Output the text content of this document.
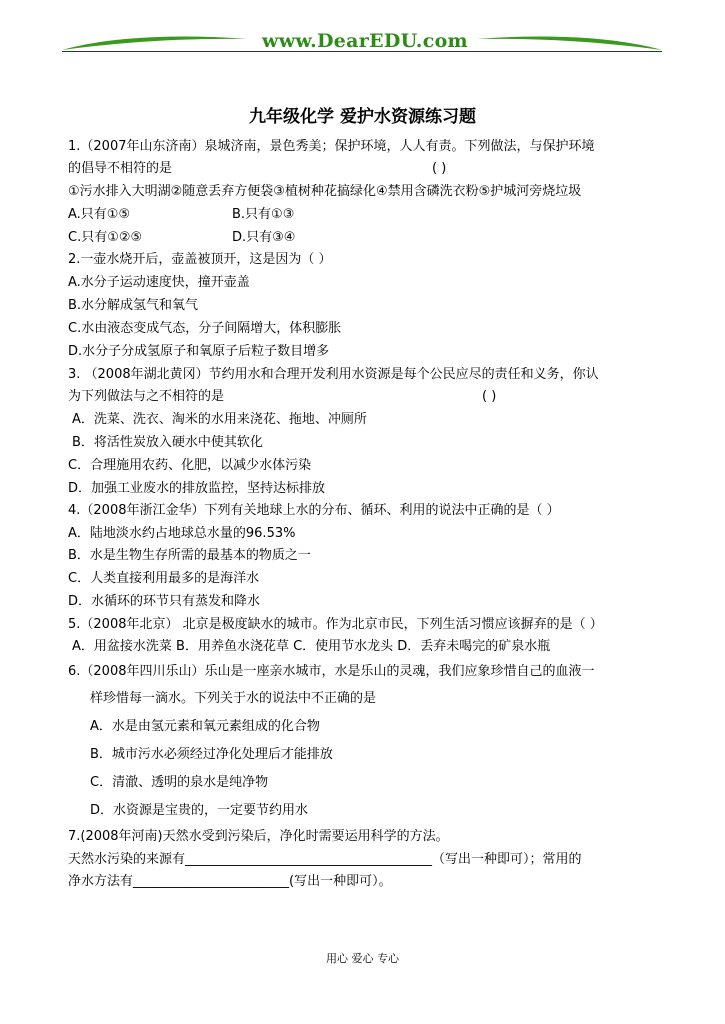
www.DearEDU.com
九年级化学 爱护水资源练习题
1.（2007年山东济南）泉城济南，景色秀美；保护环境，人人有责。下列做法，与保护环境
的倡导不相符的是	( )
①污水排入大明湖②随意丢弃方便袋③植树种花搞绿化④禁用含磷洗衣粉⑤护城河旁烧垃圾
A.只有①⑤	B.只有①③
C.只有①②⑤	D.只有③④
2.一壶水烧开后，壶盖被顶开，这是因为（ ）
A.水分子运动速度快，撞开壶盖
B.水分解成氢气和氧气
C.水由液态变成气态，分子间隔增大，体积膨胀
D.水分子分成氢原子和氧原子后粒子数目增多
3. （2008年湖北黄冈）节约用水和合理开发利用水资源是每个公民应尽的责任和义务，你认
为下列做法与之不相符的是	( )
A．洗菜、洗衣、淘米的水用来浇花、拖地、冲厕所
B．将活性炭放入硬水中使其软化
C．合理施用农药、化肥，以减少水体污染
D．加强工业废水的排放监控，坚持达标排放
4.（2008年浙江金华）下列有关地球上水的分布、循环、利用的说法中正确的是（ ）
A．陆地淡水约占地球总水量的96.53%
B．水是生物生存所需的最基本的物质之一
C．人类直接利用最多的是海洋水
D．水循环的环节只有蒸发和降水
5.（2008年北京） 北京是极度缺水的城市。作为北京市民，下列生活习惯应该摒弃的是（ ）
A．用盆接水洗菜 B．用养鱼水浇花草 C．使用节水龙头 D．丢弃未喝完的矿泉水瓶
6.（2008年四川乐山）乐山是一座亲水城市，水是乐山的灵魂，我们应象珍惜自己的血液一
样珍惜每一滴水。下列关于水的说法中不正确的是
A．水是由氢元素和氧元素组成的化合物
B．城市污水必须经过净化处理后才能排放
C．清澈、透明的泉水是纯净物
D．水资源是宝贵的，一定要节约用水
7.(2008年河南)天然水受到污染后，净化时需要运用科学的方法。
天然水污染的来源有______________________________________（写出一种即可）；常用的
净水方法有________________________(写出一种即可）。
用心 爱心 专心
